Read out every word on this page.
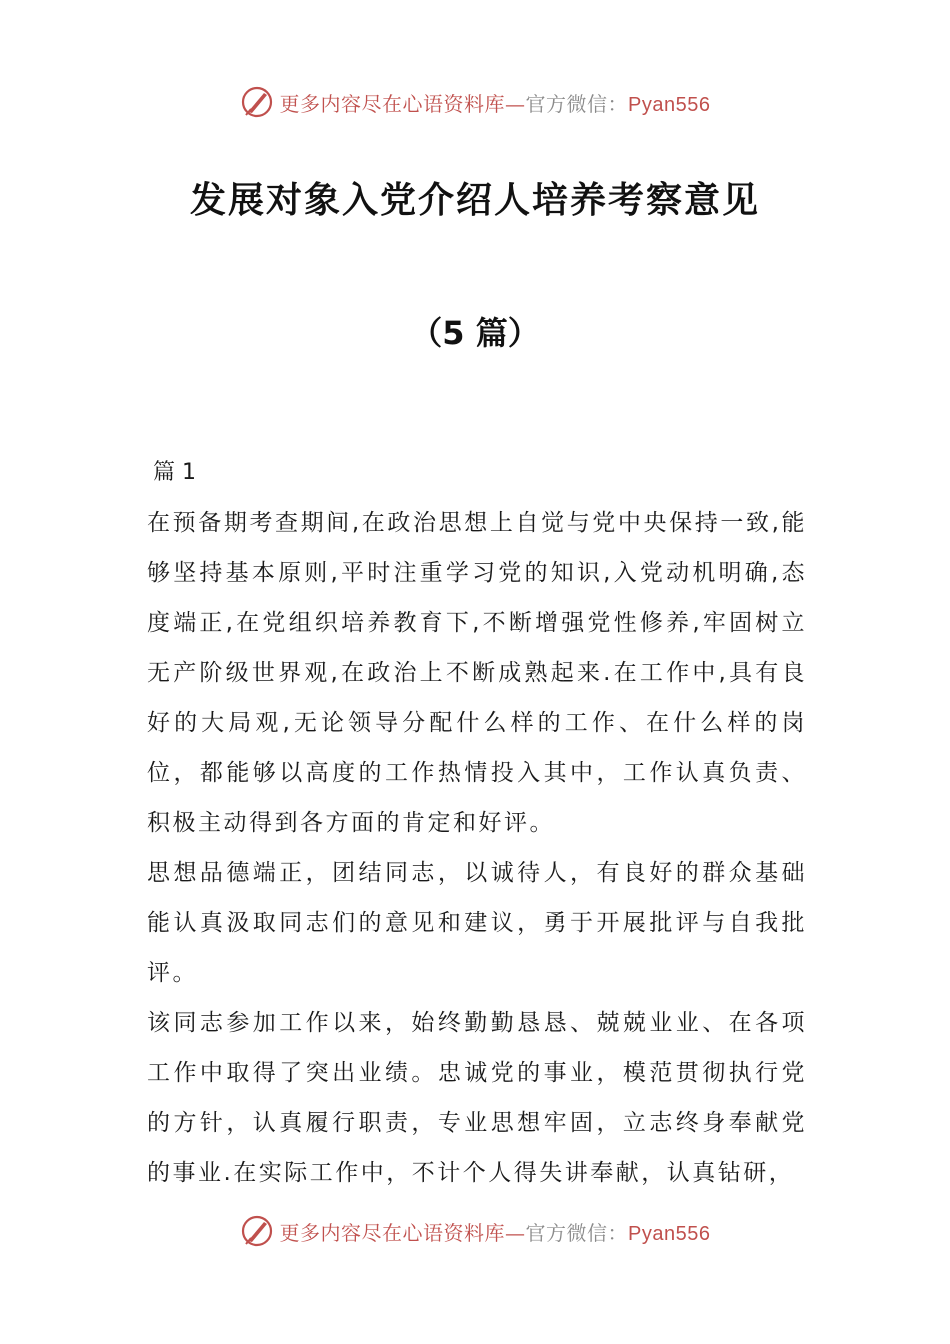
更多内容尽在心语资料库—官方微信：Pyan556
发展对象入党介绍人培养考察意见
（5 篇）
篇 1

在预备期考查期间,在政治思想上自觉与党中央保持一致,能够坚持基本原则,平时注重学习党的知识,入党动机明确,态度端正,在党组织培养教育下,不断增强党性修养,牢固树立无产阶级世界观,在政治上不断成熟起来.在工作中,具有良好的大局观,无论领导分配什么样的工作、在什么样的岗位，都能够以高度的工作热情投入其中，工作认真负责、积极主动得到各方面的肯定和好评。

思想品德端正，团结同志，以诚待人，有良好的群众基础能认真汲取同志们的意见和建议，勇于开展批评与自我批评。

该同志参加工作以来，始终勤勤恳恳、兢兢业业、在各项工作中取得了突出业绩。忠诚党的事业，模范贯彻执行党的方针，认真履行职责，专业思想牢固，立志终身奉献党的事业.在实际工作中，不计个人得失讲奉献，认真钻研，

更多内容尽在心语资料库—官方微信：Pyan556
